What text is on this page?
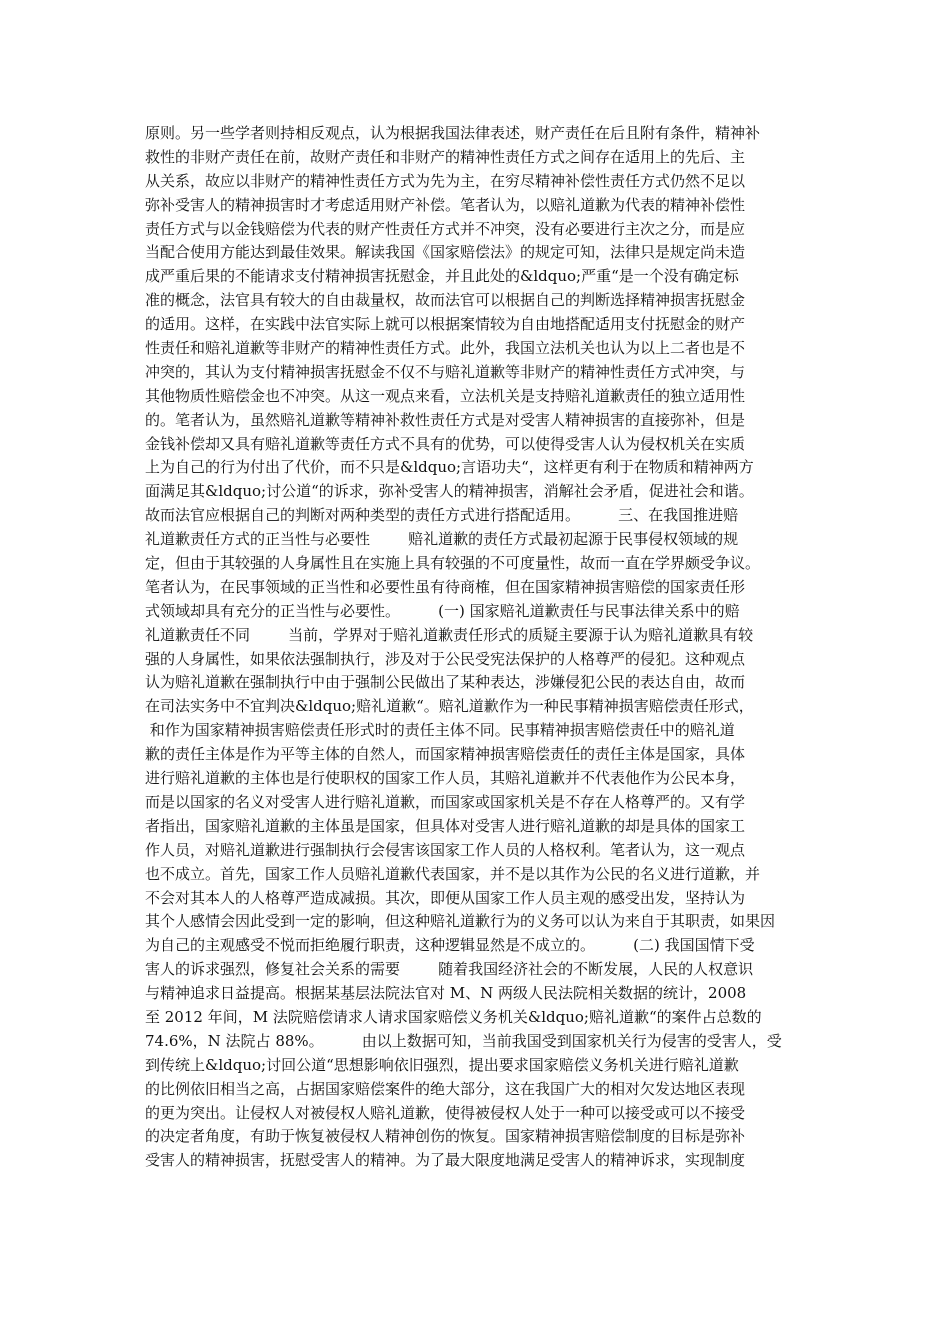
原则。另一些学者则持相反观点，认为根据我国法律表述，财产责任在后且附有条件，精神补
救性的非财产责任在前，故财产责任和非财产的精神性责任方式之间存在适用上的先后、主
从关系，故应以非财产的精神性责任方式为先为主，在穷尽精神补偿性责任方式仍然不足以
弥补受害人的精神损害时才考虑适用财产补偿。笔者认为，以赔礼道歉为代表的精神补偿性
责任方式与以金钱赔偿为代表的财产性责任方式并不冲突，没有必要进行主次之分，而是应
当配合使用方能达到最佳效果。解读我国《国家赔偿法》的规定可知，法律只是规定尚未造
成严重后果的不能请求支付精神损害抚慰金，并且此处的&ldquo;严重“是一个没有确定标
准的概念，法官具有较大的自由裁量权，故而法官可以根据自己的判断选择精神损害抚慰金
的适用。这样，在实践中法官实际上就可以根据案情较为自由地搭配适用支付抚慰金的财产
性责任和赔礼道歉等非财产的精神性责任方式。此外，我国立法机关也认为以上二者也是不
冲突的，其认为支付精神损害抚慰金不仅不与赔礼道歉等非财产的精神性责任方式冲突，与
其他物质性赔偿金也不冲突。从这一观点来看，立法机关是支持赔礼道歉责任的独立适用性
的。笔者认为，虽然赔礼道歉等精神补救性责任方式是对受害人精神损害的直接弥补，但是
金钱补偿却又具有赔礼道歉等责任方式不具有的优势，可以使得受害人认为侵权机关在实质
上为自己的行为付出了代价，而不只是&ldquo;言语功夫“，这样更有利于在物质和精神两方
面满足其&ldquo;讨公道“的诉求，弥补受害人的精神损害，消解社会矛盾，促进社会和谐。
故而法官应根据自己的判断对两种类型的责任方式进行搭配适用。        三、在我国推进赔
礼道歉责任方式的正当性与必要性        赔礼道歉的责任方式最初起源于民事侵权领域的规
定，但由于其较强的人身属性且在实施上具有较强的不可度量性，故而一直在学界颇受争议。
笔者认为，在民事领域的正当性和必要性虽有待商榷，但在国家精神损害赔偿的国家责任形
式领域却具有充分的正当性与必要性。        (一) 国家赔礼道歉责任与民事法律关系中的赔
礼道歉责任不同        当前，学界对于赔礼道歉责任形式的质疑主要源于认为赔礼道歉具有较
强的人身属性，如果依法强制执行，涉及对于公民受宪法保护的人格尊严的侵犯。这种观点
认为赔礼道歉在强制执行中由于强制公民做出了某种表达，涉嫌侵犯公民的表达自由，故而
在司法实务中不宜判决&ldquo;赔礼道歉“。赔礼道歉作为一种民事精神损害赔偿责任形式，
和作为国家精神损害赔偿责任形式时的责任主体不同。民事精神损害赔偿责任中的赔礼道
歉的责任主体是作为平等主体的自然人，而国家精神损害赔偿责任的责任主体是国家，具体
进行赔礼道歉的主体也是行使职权的国家工作人员，其赔礼道歉并不代表他作为公民本身，
而是以国家的名义对受害人进行赔礼道歉，而国家或国家机关是不存在人格尊严的。又有学
者指出，国家赔礼道歉的主体虽是国家，但具体对受害人进行赔礼道歉的却是具体的国家工
作人员，对赔礼道歉进行强制执行会侵害该国家工作人员的人格权利。笔者认为，这一观点
也不成立。首先，国家工作人员赔礼道歉代表国家，并不是以其作为公民的名义进行道歉，并
不会对其本人的人格尊严造成减损。其次，即便从国家工作人员主观的感受出发，坚持认为
其个人感情会因此受到一定的影响，但这种赔礼道歉行为的义务可以认为来自于其职责，如果因
为自己的主观感受不悦而拒绝履行职责，这种逻辑显然是不成立的。        (二) 我国国情下受
害人的诉求强烈，修复社会关系的需要        随着我国经济社会的不断发展，人民的人权意识
与精神追求日益提高。根据某基层法院法官对 M、N 两级人民法院相关数据的统计，2008
至 2012 年间，M 法院赔偿请求人请求国家赔偿义务机关&ldquo;赔礼道歉“的案件占总数的
74.6%，N 法院占 88%。        由以上数据可知，当前我国受到国家机关行为侵害的受害人，受
到传统上&ldquo;讨回公道“思想影响依旧强烈，提出要求国家赔偿义务机关进行赔礼道歉
的比例依旧相当之高，占据国家赔偿案件的绝大部分，这在我国广大的相对欠发达地区表现
的更为突出。让侵权人对被侵权人赔礼道歉，使得被侵权人处于一种可以接受或可以不接受
的决定者角度，有助于恢复被侵权人精神创伤的恢复。国家精神损害赔偿制度的目标是弥补
受害人的精神损害，抚慰受害人的精神。为了最大限度地满足受害人的精神诉求，实现制度
